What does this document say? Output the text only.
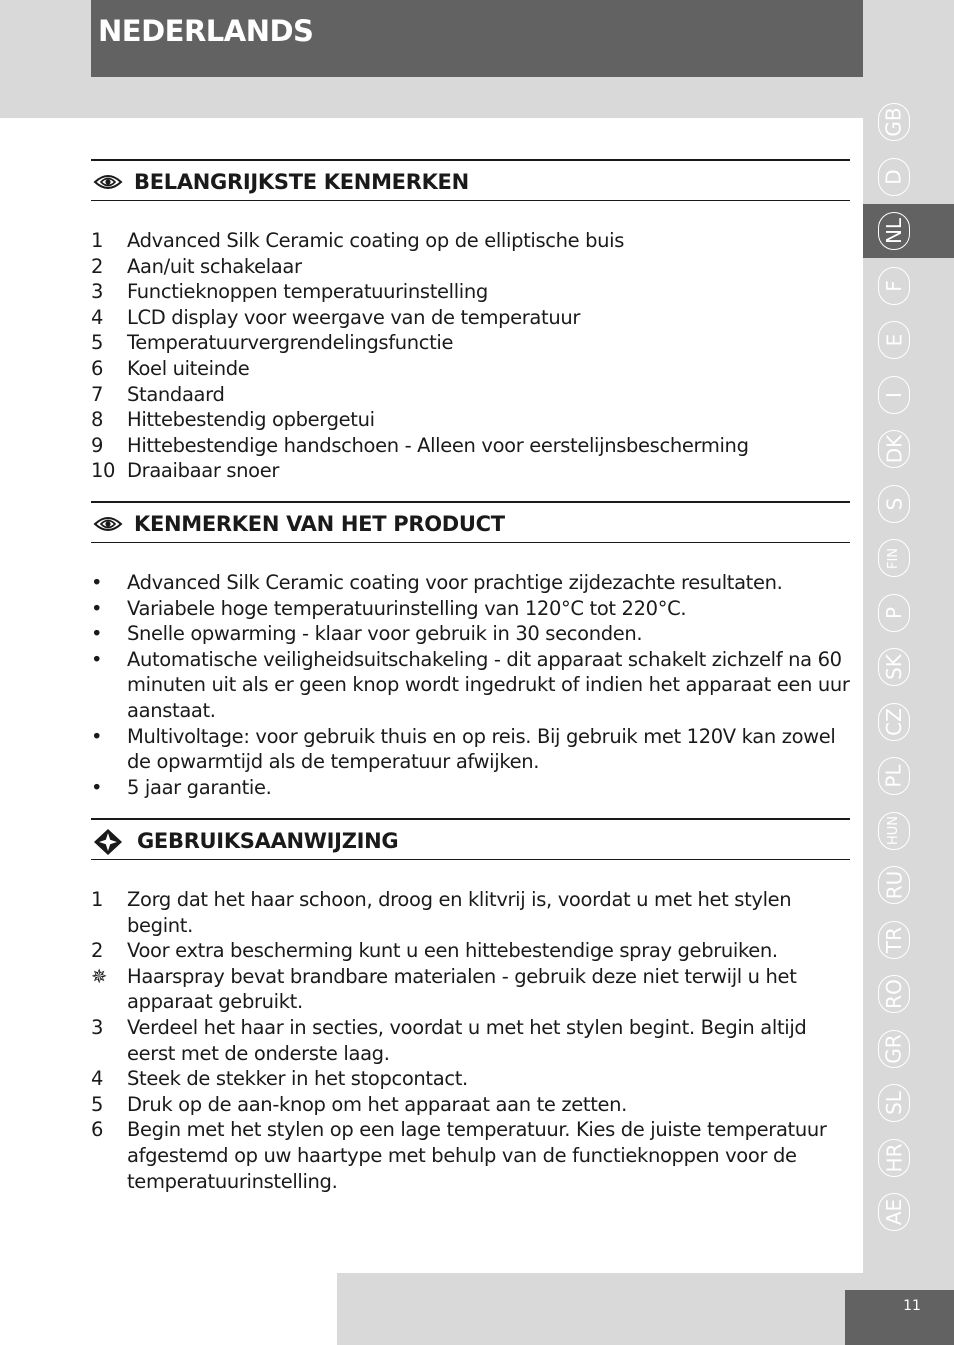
NEDERLANDS
BELANGRIJKSTE KENMERKEN
1 Advanced Silk Ceramic coating op de elliptische buis
2 Aan/uit schakelaar
3 Functieknoppen temperatuurinstelling
4 LCD display voor weergave van de temperatuur
5 Temperatuurvergrendelingsfunctie
6 Koel uiteinde
7 Standaard
8 Hittebestendig opbergetui
9 Hittebestendige handschoen - Alleen voor eerstelijnsbescherming
10 Draaibaar snoer
KENMERKEN VAN HET PRODUCT
• Advanced Silk Ceramic coating voor prachtige zijdezachte resultaten.
• Variabele hoge temperatuurinstelling van 120°C tot 220°C.
• Snelle opwarming - klaar voor gebruik in 30 seconden.
• Automatische veiligheidsuitschakeling - dit apparaat schakelt zichzelf na 60 minuten uit als er geen knop wordt ingedrukt of indien het apparaat een uur aanstaat.
• Multivoltage: voor gebruik thuis en op reis. Bij gebruik met 120V kan zowel de opwarmtijd als de temperatuur afwijken.
• 5 jaar garantie.
GEBRUIKSAANWIJZING
1 Zorg dat het haar schoon, droog en klitvrij is, voordat u met het stylen begint.
2 Voor extra bescherming kunt u een hittebestendige spray gebruiken.
✵ Haarspray bevat brandbare materialen - gebruik deze niet terwijl u het apparaat gebruikt.
3 Verdeel het haar in secties, voordat u met het stylen begint. Begin altijd eerst met de onderste laag.
4 Steek de stekker in het stopcontact.
5 Druk op de aan-knop om het apparaat aan te zetten.
6 Begin met het stylen op een lage temperatuur. Kies de juiste temperatuur afgestemd op uw haartype met behulp van de functieknoppen voor de temperatuurinstelling.
GB
D
NL
F
E
I
DK
S
FIN
P
SK
CZ
PL
HUN
RU
TR
RO
GR
SL
HR
AE
11
